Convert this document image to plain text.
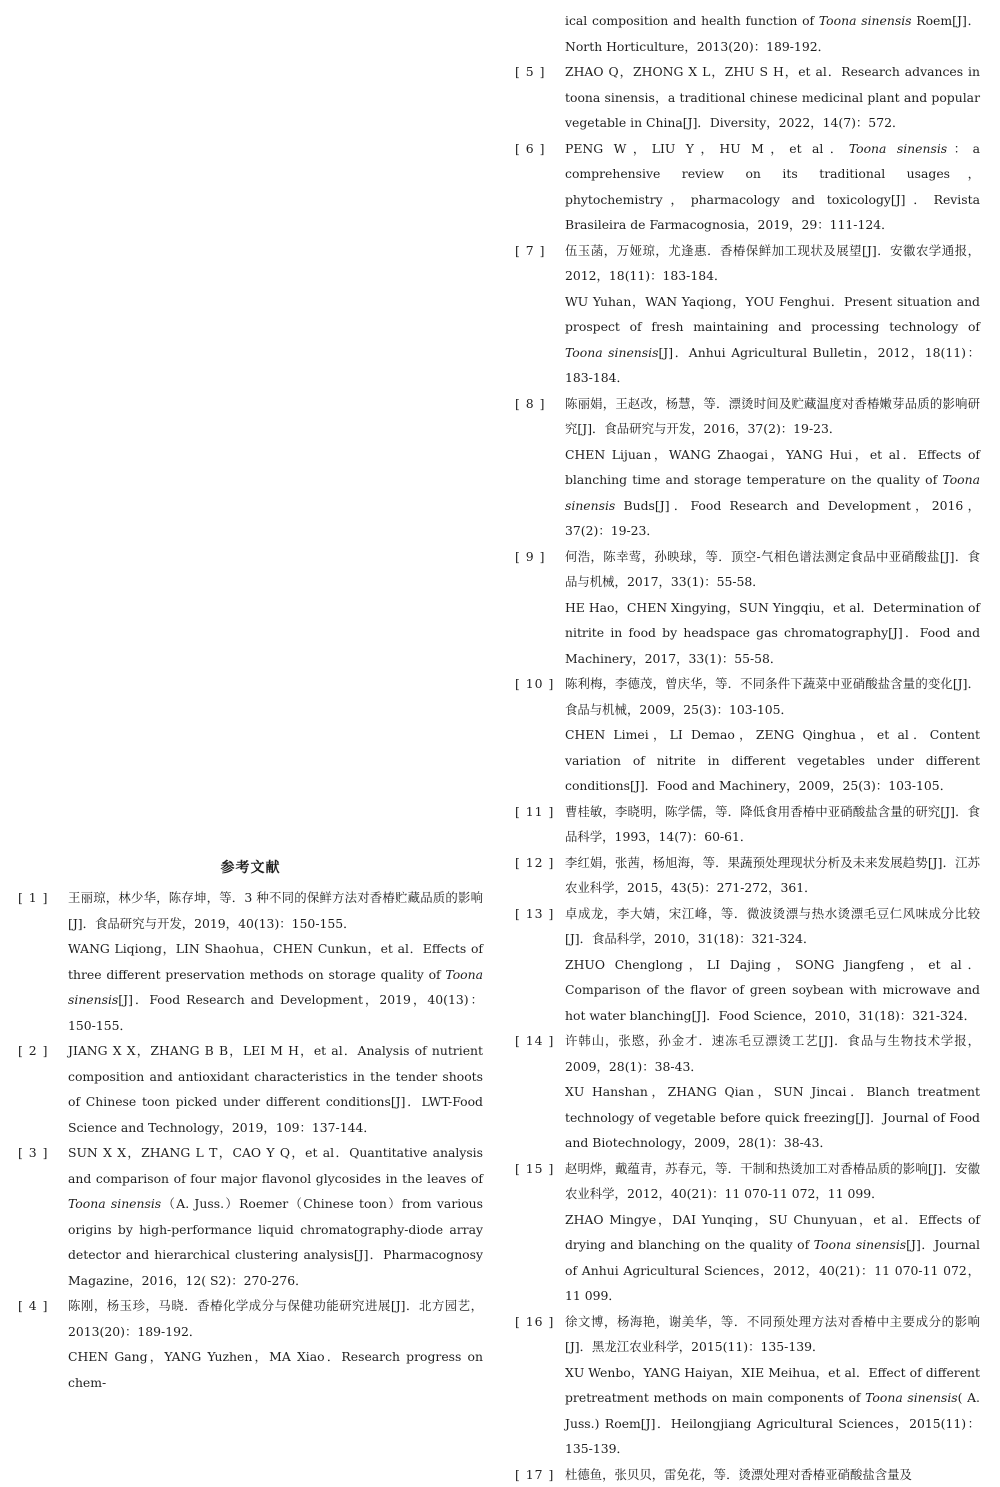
ical composition and health function of Toona sinensis Roem[J]．North Horticulture，2013(20)：189-192．
[ 5 ]	ZHAO Q，ZHONG X L，ZHU S H，et al．Research advances in toona sinensis，a traditional chinese medicinal plant and popular vegetable in China[J]．Diversity，2022，14(7)：572．
[ 6 ]	PENG W，LIU Y，HU M，et al．Toona sinensis：a comprehensive review on its traditional usages，phytochemistry，pharmacology and toxicology[J]．Revista Brasileira de Farmacognosia，2019，29：111-124．
[ 7 ]	伍玉菡，万娅琼，尤逢惠．香椿保鲜加工现状及展望[J]．安徽农学通报，2012，18(11)：183-184．
WU Yuhan，WAN Yaqiong，YOU Fenghui．Present situation and prospect of fresh maintaining and processing technology of Toona sinensis[J]．Anhui Agricultural Bulletin，2012，18(11)：183-184．
[ 8 ]	陈丽娟，王赵改，杨慧，等．漂烫时间及贮藏温度对香椿嫩芽品质的影响研究[J]．食品研究与开发，2016，37(2)：19-23．
CHEN Lijuan，WANG Zhaogai，YANG Hui，et al．Effects of blanching time and storage temperature on the quality of Toona sinensis Buds[J]．Food Research and Development，2016，37(2)：19-23．
[ 9 ]	何浩，陈幸莺，孙映球，等．顶空-气相色谱法测定食品中亚硝酸盐[J]．食品与机械，2017，33(1)：55-58．
HE Hao，CHEN Xingying，SUN Yingqiu，et al．Determination of nitrite in food by headspace gas chromatography[J]．Food and Machinery，2017，33(1)：55-58．
[ 10 ] 陈利梅，李德茂，曾庆华，等．不同条件下蔬菜中亚硝酸盐含量的变化[J]．食品与机械，2009，25(3)：103-105．
CHEN Limei，LI Demao，ZENG Qinghua，et al．Content variation of nitrite in different vegetables under different conditions[J]．Food and Machinery，2009，25(3)：103-105．
[ 11 ] 曹桂敏，李晓明，陈学儒，等．降低食用香椿中亚硝酸盐含量的研究[J]．食品科学，1993，14(7)：60-61．
[ 12 ] 李红娟，张茜，杨旭海，等．果蔬预处理现状分析及未来发展趋势[J]．江苏农业科学，2015，43(5)：271-272，361．
[ 13 ] 卓成龙，李大婧，宋江峰，等．微波烫漂与热水烫漂毛豆仁风味成分比较[J]．食品科学，2010，31(18)：321-324．
ZHUO Chenglong，LI Dajing，SONG Jiangfeng，et al．Comparison of the flavor of green soybean with microwave and hot water blanching[J]．Food Science，2010，31(18)：321-324．
[ 14 ] 许韩山，张愍，孙金才．速冻毛豆漂烫工艺[J]．食品与生物技术学报，2009，28(1)：38-43．
XU Hanshan，ZHANG Qian，SUN Jincai．Blanch treatment technology of vegetable before quick freezing[J]．Journal of Food and Biotechnology，2009，28(1)：38-43．
[ 15 ] 赵明烨，戴蕴青，苏春元，等．干制和热烫加工对香椿品质的影响[J]．安徽农业科学，2012，40(21)：11 070-11 072，11 099．
ZHAO Mingye，DAI Yunqing，SU Chunyuan，et al．Effects of drying and blanching on the quality of Toona sinensis[J]．Journal of Anhui Agricultural Sciences，2012，40(21)：11 070-11 072，11 099．
[ 16 ] 徐文博，杨海艳，谢美华，等．不同预处理方法对香椿中主要成分的影响[J]．黑龙江农业科学，2015(11)：135-139．
XU Wenbo，YANG Haiyan，XIE Meihua，et al．Effect of different pretreatment methods on main components of Toona sinensis( A. Juss.) Roem[J]．Heilongjiang Agricultural Sciences，2015(11)：135-139．
[ 17 ] 杜德鱼，张贝贝，雷免花，等．烫漂处理对香椿亚硝酸盐含量及
参考文献
[ 1 ]	王丽琼，林少华，陈存坤，等．3 种不同的保鲜方法对香椿贮藏品质的影响[J]．食品研究与开发，2019，40(13)：150-155．
WANG Liqiong，LIN Shaohua，CHEN Cunkun，et al．Effects of three different preservation methods on storage quality of Toona sinensis[J]．Food Research and Development，2019，40(13)：150-155．
[ 2 ]	JIANG X X，ZHANG B B，LEI M H，et al．Analysis of nutrient composition and antioxidant characteristics in the tender shoots of Chinese toon picked under different conditions[J]．LWT-Food Science and Technology，2019，109：137-144．
[ 3 ]	SUN X X，ZHANG L T，CAO Y Q，et al．Quantitative analysis and comparison of four major flavonol glycosides in the leaves of Toona sinensis（A. Juss.）Roemer（Chinese toon）from various origins by high-performance liquid chromatography-diode array detector and hierarchical clustering analysis[J]．Pharmacognosy Magazine，2016，12( S2)：270-276．
[ 4 ]	陈刚，杨玉珍，马晓．香椿化学成分与保健功能研究进展[J]．北方园艺，2013(20)：189-192．
CHEN Gang，YANG Yuzhen，MA Xiao．Research progress on chem-
